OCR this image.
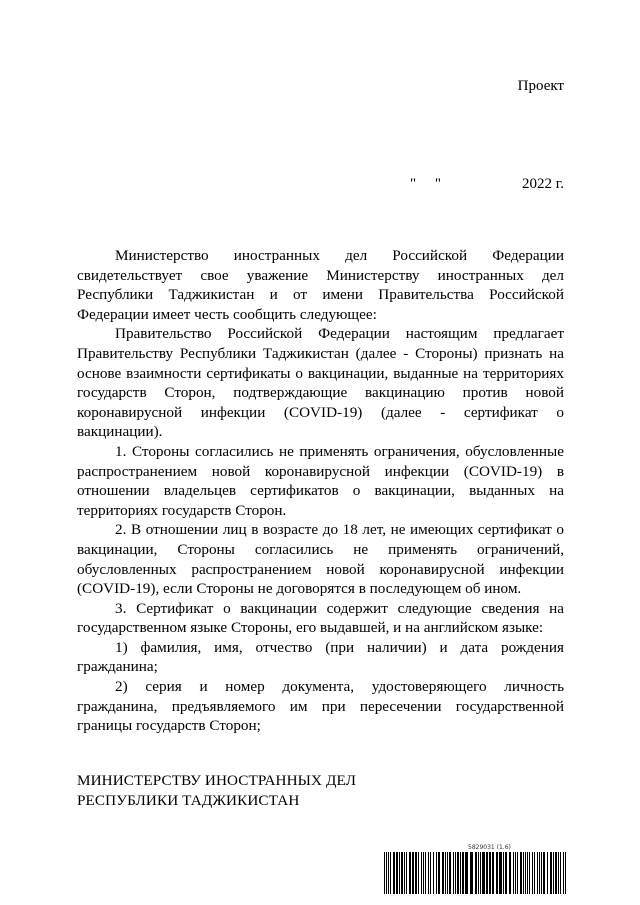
Проект
"     "	2022 г.

Министерство иностранных дел Российской Федерации свидетельствует свое уважение Министерству иностранных дел Республики Таджикистан и от имени Правительства Российской Федерации имеет честь сообщить следующее:

Правительство Российской Федерации настоящим предлагает Правительству Республики Таджикистан (далее - Стороны) признать на основе взаимности сертификаты о вакцинации, выданные на территориях государств Сторон, подтверждающие вакцинацию против новой коронавирусной инфекции (COVID-19) (далее - сертификат о вакцинации).

1. Стороны согласились не применять ограничения, обусловленные распространением новой коронавирусной инфекции (COVID-19) в отношении владельцев сертификатов о вакцинации, выданных на территориях государств Сторон.

2. В отношении лиц в возрасте до 18 лет, не имеющих сертификат о вакцинации, Стороны согласились не применять ограничений, обусловленных распространением новой коронавирусной инфекции (COVID-19), если Стороны не договорятся в последующем об ином.

3. Сертификат о вакцинации содержит следующие сведения на государственном языке Стороны, его выдавшей, и на английском языке:

1) фамилия, имя, отчество (при наличии) и дата рождения гражданина;

2) серия и номер документа, удостоверяющего личность гражданина, предъявляемого им при пересечении государственной границы государств Сторон;

МИНИСТЕРСТВУ ИНОСТРАННЫХ ДЕЛ
РЕСПУБЛИКИ ТАДЖИКИСТАН
5829031 (1.6)
